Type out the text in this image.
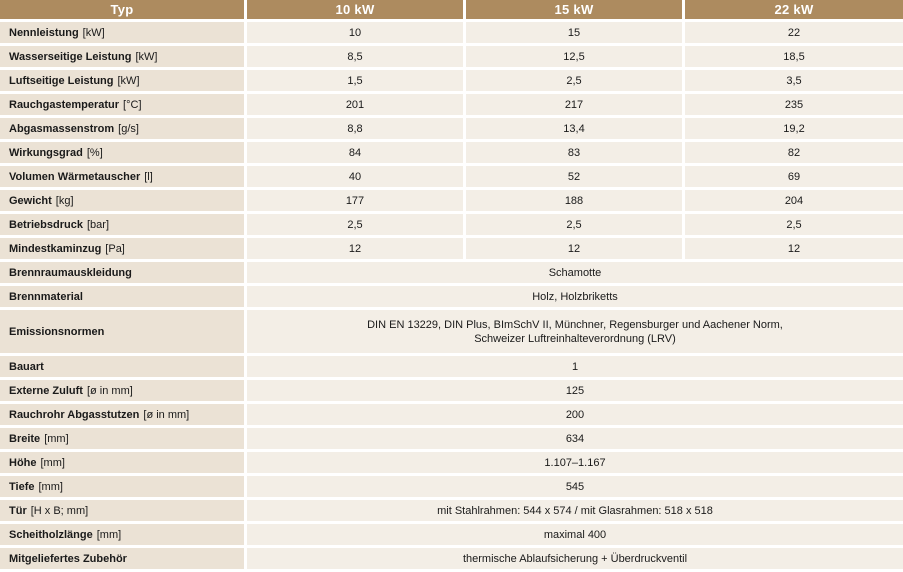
Typ	10 kW	15 kW	22 kW
Nennleistung [kW]	10	15	22
Wasserseitige Leistung [kW]	8,5	12,5	18,5
Luftseitige Leistung [kW]	1,5	2,5	3,5
Rauchgastemperatur [°C]	201	217	235
Abgasmassenstrom [g/s]	8,8	13,4	19,2
Wirkungsgrad [%]	84	83	82
Volumen Wärmetauscher [l]	40	52	69
Gewicht [kg]	177	188	204
Betriebsdruck [bar]	2,5	2,5	2,5
Mindestkaminzug [Pa]	12	12	12
Brennraumauskleidung	Schamotte		
Brennmaterial	Holz, Holzbriketts		
Emissionsnormen	DIN EN 13229, DIN Plus, BImSchV II, Münchner, Regensburger und Aachener Norm,
Schweizer Luftreinhalteverordnung (LRV)		
Bauart	1		
Externe Zuluft [ø in mm]	125		
Rauchrohr Abgasstutzen [ø in mm]	200		
Breite [mm]	634		
Höhe [mm]	1.107–1.167		
Tiefe [mm]	545		
Tür [H x B; mm]	mit Stahlrahmen: 544 x 574 / mit Glasrahmen: 518 x 518		
Scheitholzlänge [mm]	maximal 400		
Mitgeliefertes Zubehör	thermische Ablaufsicherung + Überdruckventil		
